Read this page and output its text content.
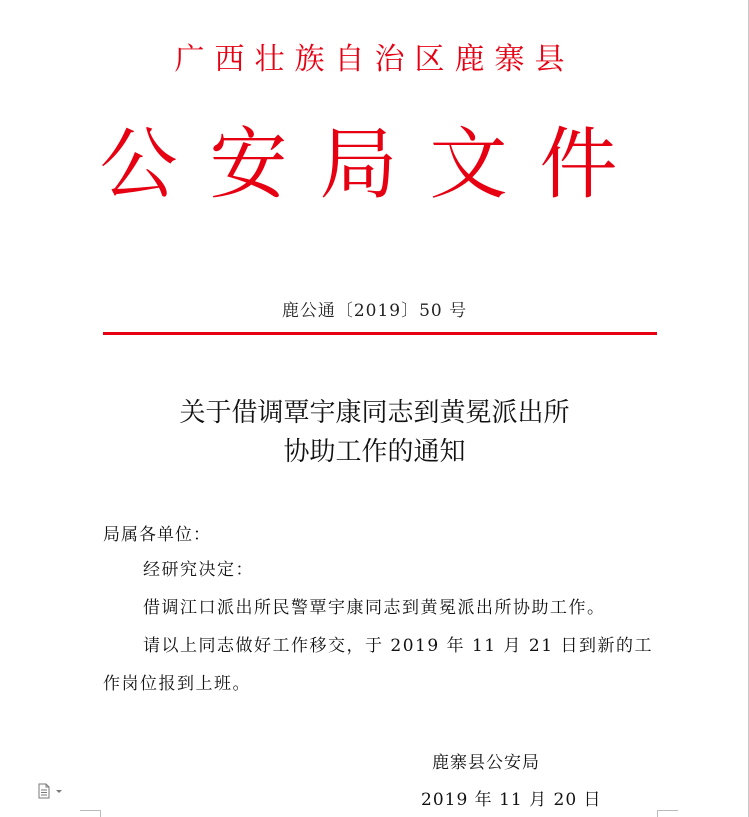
广西壮族自治区鹿寨县
公安局文件
鹿公通〔2019〕50 号
关于借调覃宇康同志到黄冕派出所
协助工作的通知
局属各单位：
经研究决定：
借调江口派出所民警覃宇康同志到黄冕派出所协助工作。
请以上同志做好工作移交，于 2019 年 11 月 21 日到新的工作岗位报到上班。
鹿寨县公安局
2019 年 11 月 20 日
